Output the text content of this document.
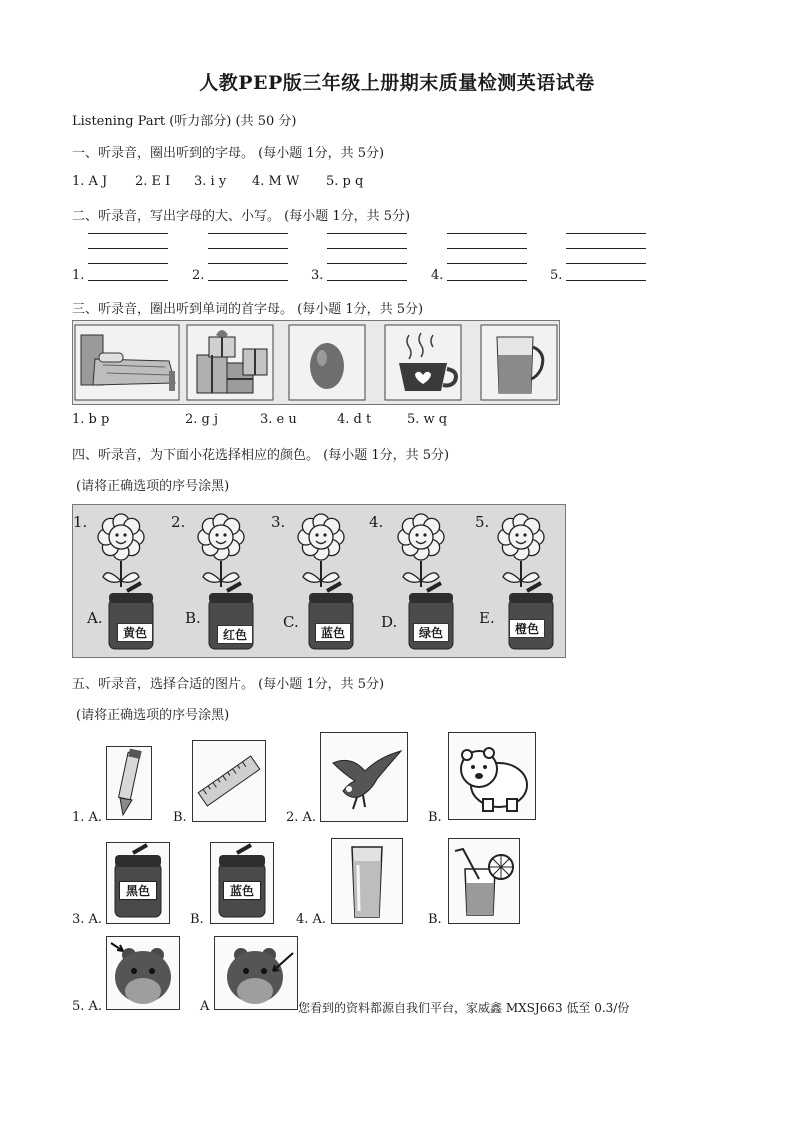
人教PEP版三年级上册期末质量检测英语试卷
Listening Part (听力部分) (共 50 分)
一、听录音，圈出听到的字母。 (每小题 1分，共 5分)
1. A J 2. E I 3. i y 4. M W 5. p q
二、听录音，写出字母的大、小写。 (每小题 1分，共 5分)
1.	2.	3.	4.	5.
三、听录音，圈出听到单词的首字母。 (每小题 1分，共 5分)
1. b p	2. g j	3. e u	4. d t	5. w q
四、听录音，为下面小花选择相应的颜色。 (每小题 1分，共 5分)
(请将正确选项的序号涂黑)
1.	2.	3.	4.	5.
A.	B.	C.	D.	E.
黄色	红色	蓝色	绿色	橙色
五、听录音，选择合适的图片。 (每小题 1分，共 5分)
(请将正确选项的序号涂黑)
1. A.	B.	2. A.	B.
3. A.
黑色
B.
蓝色
4. A.	B.
5. A.	A	您看到的资料都源自我们平台，家威鑫 MXSJ663 低至 0.3/份
